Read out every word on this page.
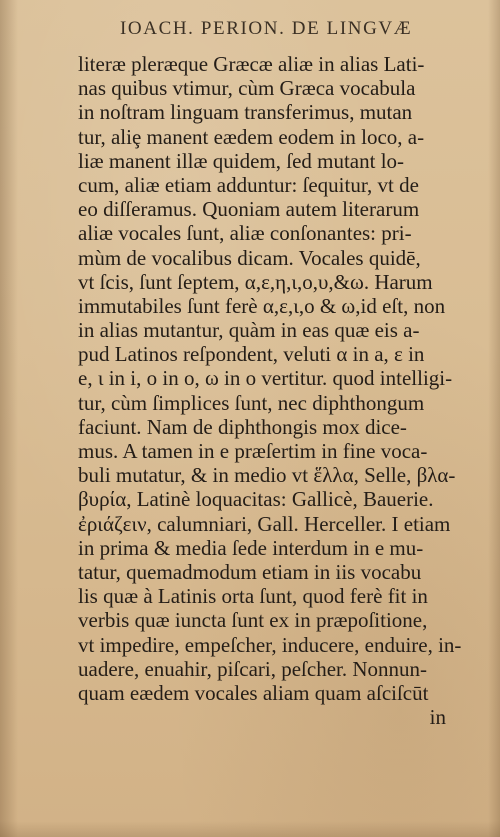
IOACH. PERION. DE LINGVÆ
literæ pleræque Græcæ aliæ in alias Lati-
nas quibus vtimur, cùm Græca vocabula
in noſtram linguam transferimus, mutan
tur, aliȩ manent eædem eodem in loco, a-
liæ manent illæ quidem, ſed mutant lo-
cum, aliæ etiam adduntur: ſequitur, vt de
eo diſſeramus. Quoniam autem literarum
aliæ vocales ſunt, aliæ conſonantes: pri-
mùm de vocalibus dicam. Vocales quidē,
vt ſcis, ſunt ſeptem, α,ε,η,ι,ο,υ,&ω. Harum
immutabiles ſunt ferè α,ε,ι,ο & ω,id eſt, non
in alias mutantur, quàm in eas quæ eis a-
pud Latinos reſpondent, veluti α in a, ε in
e, ι in i, ο in o, ω in o vertitur. quod intelligi-
tur, cùm ſimplices ſunt, nec diphthongum
faciunt. Nam de diphthongis mox dice-
mus. A tamen in e præſertim in fine voca-
buli mutatur, & in medio vt ἕλλα, Selle, βλα-
βυρία, Latinè loquacitas: Gallicè, Bauerie.
ἐριάζειν, calumniari, Gall. Herceller. I etiam
in prima & media ſede interdum in e mu-
tatur, quemadmodum etiam in iis vocabu
lis quæ à Latinis orta ſunt, quod ferè fit in
verbis quæ iuncta ſunt ex in præpoſitione,
vt impedire, empeſcher, inducere, enduire, in-
uadere, enuahir, piſcari, peſcher. Nonnun-
quam eædem vocales aliam quam aſciſcūt
in
